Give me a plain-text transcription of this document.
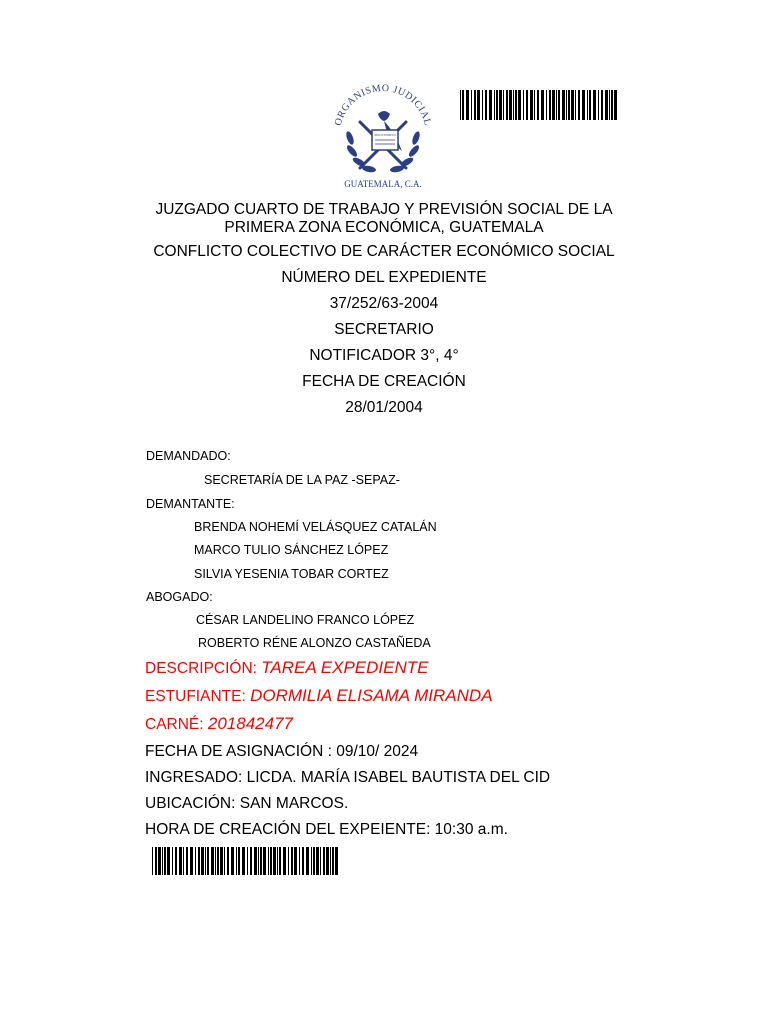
ORGANISMO JUDICIAL
LIBERTAD 15 DE SEPTIEMBRE DE 1821
GUATEMALA, C.A.
JUZGADO CUARTO DE TRABAJO Y PREVISIÓN SOCIAL DE LA
PRIMERA ZONA ECONÓMICA, GUATEMALA
CONFLICTO COLECTIVO DE CARÁCTER ECONÓMICO SOCIAL
NÚMERO DEL EXPEDIENTE
37/252/63-2004
SECRETARIO
NOTIFICADOR 3°, 4°
FECHA DE CREACIÓN
28/01/2004
DEMANDADO:
SECRETARÍA DE LA PAZ -SEPAZ-
DEMANTANTE:
BRENDA NOHEMÍ VELÁSQUEZ CATALÁN
MARCO TULIO SÁNCHEZ LÓPEZ
SILVIA YESENIA TOBAR CORTEZ
ABOGADO:
CÉSAR LANDELINO FRANCO LÓPEZ
ROBERTO RÉNE ALONZO CASTAÑEDA
DESCRIPCIÓN: TAREA EXPEDIENTE
ESTUFIANTE: DORMILIA ELISAMA MIRANDA
CARNÉ: 201842477
FECHA DE ASIGNACIÓN : 09/10/ 2024
INGRESADO: LICDA. MARÍA ISABEL BAUTISTA DEL CID
UBICACIÓN: SAN MARCOS.
HORA DE CREACIÓN DEL EXPEIENTE: 10:30 a.m.
